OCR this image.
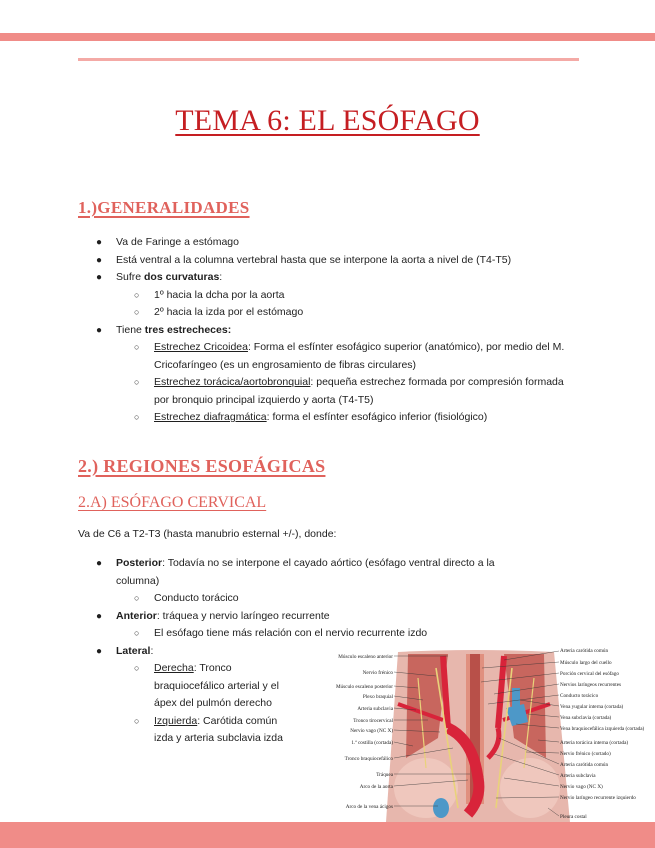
TEMA 6: EL ESÓFAGO
1.)GENERALIDADES
● Va de Faringe a estómago
● Está ventral a la columna vertebral hasta que se interpone la aorta a nivel de (T4-T5)
● Sufre dos curvaturas:
○ 1º hacia la dcha por la aorta
○ 2º hacia la izda por el estómago
● Tiene tres estrecheces:
○ Estrechez Cricoidea: Forma el esfínter esofágico superior (anatómico), por medio del M. Cricofaríngeo (es un engrosamiento de fibras circulares)
○ Estrechez torácica/aortobronquial: pequeña estrechez formada por compresión formada por bronquio principal izquierdo y aorta (T4-T5)
○ Estrechez diafragmática: forma el esfínter esofágico inferior (fisiológico)
2.) REGIONES ESOFÁGICAS
2.A) ESÓFAGO CERVICAL

Va de C6 a T2-T3 (hasta manubrio esternal +/-), donde:

● Posterior: Todavía no se interpone el cayado aórtico (esófago ventral directo a la columna)
○ Conducto torácico
● Anterior: tráquea y nervio laríngeo recurrente
○ El esófago tiene más relación con el nervio recurrente izdo
● Lateral:
○ Derecha: Tronco braquiocefálico arterial y el ápex del pulmón derecho
○ Izquierda: Carótida común izda y arteria subclavia izda
Músculo escaleno anterior
Nervio frénico
Músculo escaleno posterior
Plexo braquial
Arteria subclavia
Tronco tirocervical
Nervio vago (NC X)
1.ª costilla (cortada)
Tronco braquiocefálico
Tráquea
Arco de la aorta
Arco de la vena ácigos
Arteria carótida común
Músculo largo del cuello
Porción cervical del esófago
Nervios laríngeos recurrentes
Conducto torácico
Vena yugular interna (cortada)
Vena subclavia (cortada)
Vena braquiocefálica izquierda (cortada)
Arteria torácica interna (cortada)
Nervio frénico (cortado)
Arteria carótida común
Arteria subclavia
Nervio vago (NC X)
Nervio laríngeo recurrente izquierdo
Pleura costal
